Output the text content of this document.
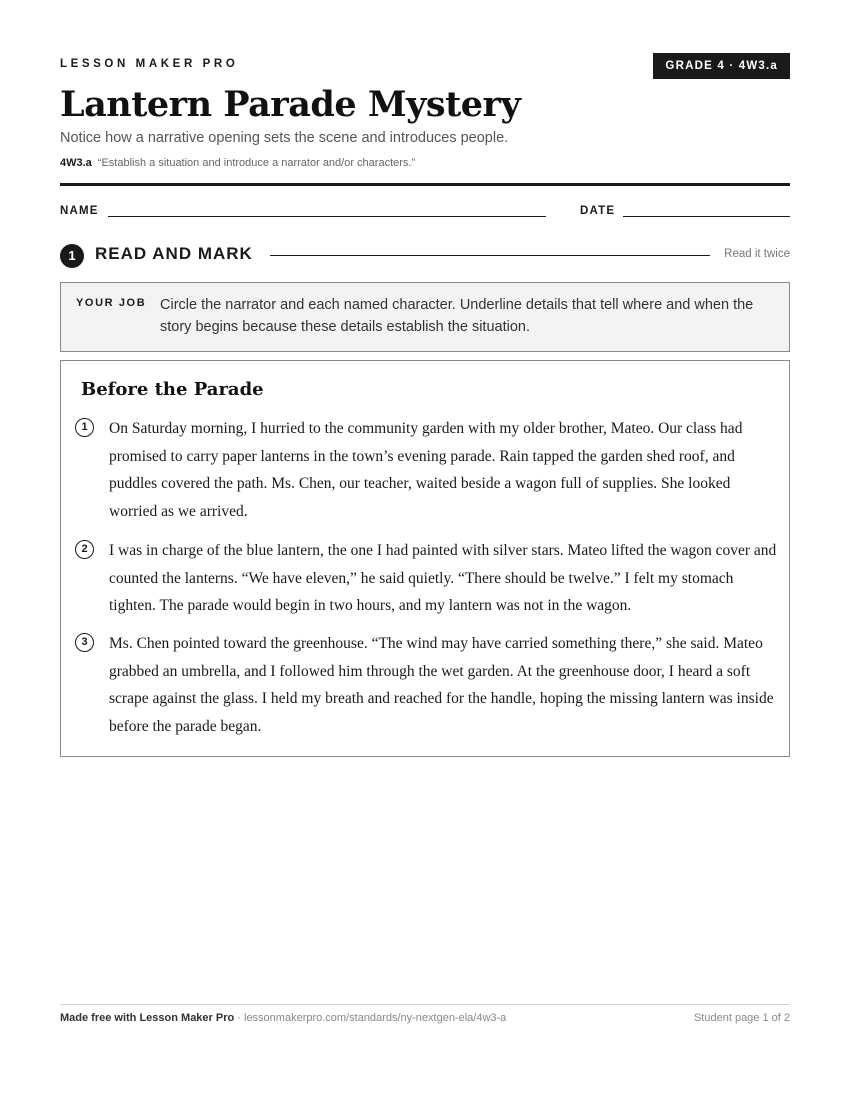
LESSON MAKER PRO	GRADE 4 · 4W3.a
Lantern Parade Mystery
Notice how a narrative opening sets the scene and introduces people.
4W3.a “Establish a situation and introduce a narrator and/or characters.”
NAME	DATE
1	READ AND MARK	Read it twice
YOUR JOB Circle the narrator and each named character. Underline details that tell where and when the story begins because these details establish the situation.
Before the Parade
1	On Saturday morning, I hurried to the community garden with my older brother, Mateo. Our class had promised to carry paper lanterns in the town’s evening parade. Rain tapped the garden shed roof, and puddles covered the path. Ms. Chen, our teacher, waited beside a wagon full of supplies. She looked worried as we arrived.

2	I was in charge of the blue lantern, the one I had painted with silver stars. Mateo lifted the wagon cover and counted the lanterns. “We have eleven,” he said quietly. “There should be twelve.” I felt my stomach tighten. The parade would begin in two hours, and my lantern was not in the wagon.

3	Ms. Chen pointed toward the greenhouse. “The wind may have carried something there,” she said. Mateo grabbed an umbrella, and I followed him through the wet garden. At the greenhouse door, I heard a soft scrape against the glass. I held my breath and reached for the handle, hoping the missing lantern was inside before the parade began.

Made free with Lesson Maker Pro · lessonmakerpro.com/standards/ny-nextgen-ela/4w3-a	Student page 1 of 2
